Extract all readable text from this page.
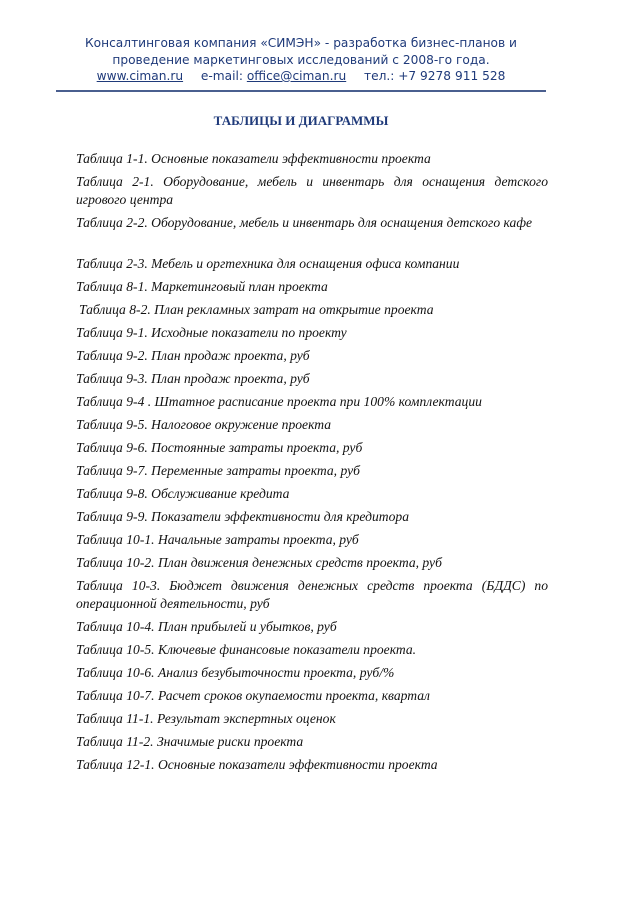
Консалтинговая компания «СИМЭН» - разработка бизнес-планов и
проведение маркетинговых исследований с 2008-го года.
www.ciman.ru e-mail: office@ciman.ru тел.: +7 9278 911 528
ТАБЛИЦЫ И ДИАГРАММЫ

Таблица 1-1. Основные показатели эффективности проекта

Таблица 2-1. Оборудование, мебель и инвентарь для оснащения детского игрового центра

Таблица 2-2. Оборудование, мебель и инвентарь для оснащения детского кафе

Таблица 2-3. Мебель и оргтехника для оснащения офиса компании

Таблица 8-1. Маркетинговый план проекта

Таблица 8-2. План рекламных затрат на открытие проекта

Таблица 9-1. Исходные показатели по проекту

Таблица 9-2. План продаж проекта, руб

Таблица 9-3. План продаж проекта, руб

Таблица 9-4 . Штатное расписание проекта при 100% комплектации

Таблица 9-5. Налоговое окружение проекта

Таблица 9-6. Постоянные затраты проекта, руб

Таблица 9-7. Переменные затраты проекта, руб

Таблица 9-8. Обслуживание кредита

Таблица 9-9. Показатели эффективности для кредитора

Таблица 10-1. Начальные затраты проекта, руб

Таблица 10-2. План движения денежных средств проекта, руб

Таблица 10-3. Бюджет движения денежных средств проекта (БДДС) по операционной деятельности, руб

Таблица 10-4. План прибылей и убытков, руб

Таблица 10-5. Ключевые финансовые показатели проекта.

Таблица 10-6. Анализ безубыточности проекта, руб/%

Таблица 10-7. Расчет сроков окупаемости проекта, квартал

Таблица 11-1. Результат экспертных оценок

Таблица 11-2. Значимые риски проекта

Таблица 12-1. Основные показатели эффективности проекта
